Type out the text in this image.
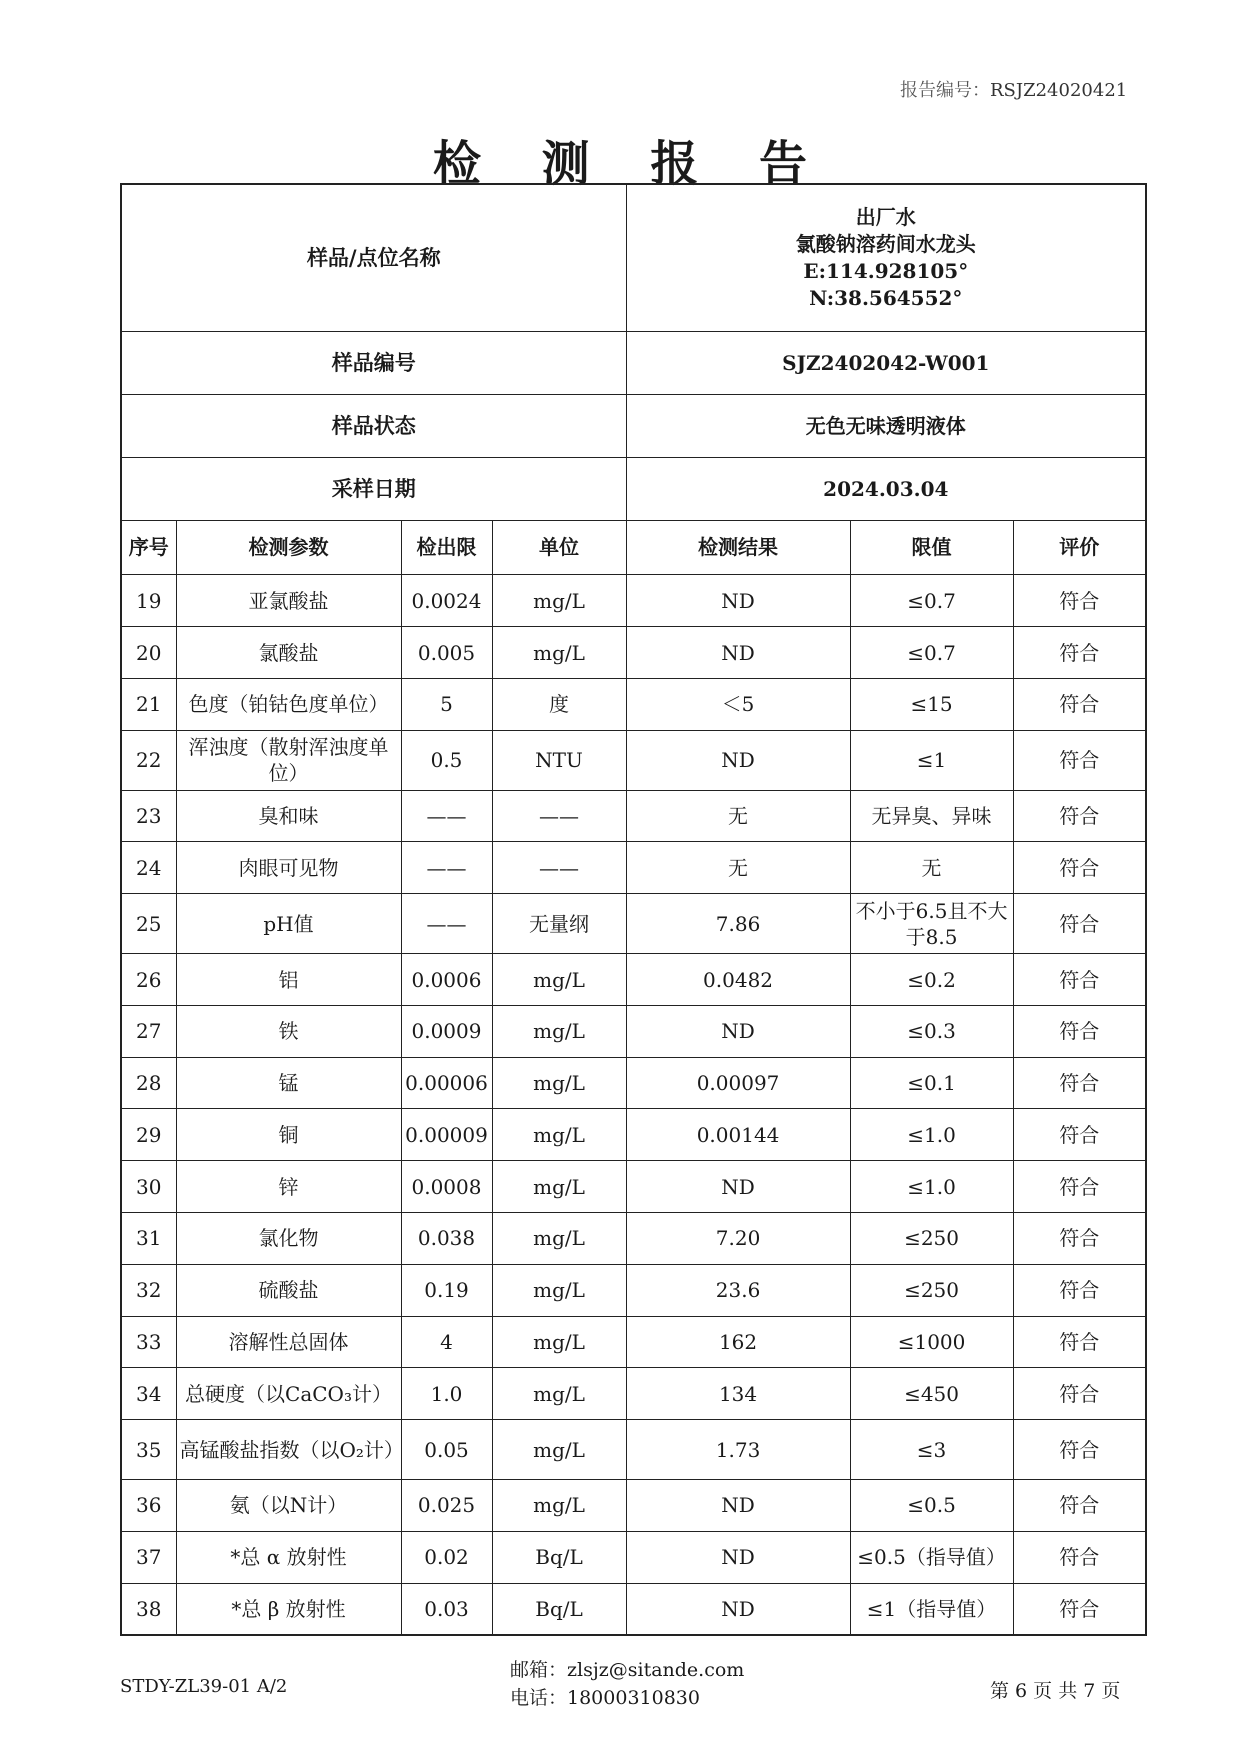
报告编号：RSJZ24020421
检 测 报 告
样品/点位名称				出厂水
氯酸钠溶药间水龙头
E:114.928105°
N:38.564552°		

样品编号				SJZ2402042-W001		
样品状态				无色无味透明液体		
采样日期				2024.03.04		
序号	检测参数	检出限	单位	检测结果	限值	评价
19	亚氯酸盐	0.0024	mg/L	ND	≤0.7	符合
20	氯酸盐	0.005	mg/L	ND	≤0.7	符合
21	色度（铂钴色度单位）	5	度	＜5	≤15	符合
22	浑浊度（散射浑浊度单位）	0.5	NTU	ND	≤1	符合
23	臭和味	——	——	无	无异臭、异味	符合
24	肉眼可见物	——	——	无	无	符合
25	pH值	——	无量纲	7.86	不小于6.5且不大于8.5	符合
26	铝	0.0006	mg/L	0.0482	≤0.2	符合
27	铁	0.0009	mg/L	ND	≤0.3	符合
28	锰	0.00006	mg/L	0.00097	≤0.1	符合
29	铜	0.00009	mg/L	0.00144	≤1.0	符合
30	锌	0.0008	mg/L	ND	≤1.0	符合
31	氯化物	0.038	mg/L	7.20	≤250	符合
32	硫酸盐	0.19	mg/L	23.6	≤250	符合
33	溶解性总固体	4	mg/L	162	≤1000	符合
34	总硬度（以CaCO₃计）	1.0	mg/L	134	≤450	符合
35	高锰酸盐指数（以O₂计）	0.05	mg/L	1.73	≤3	符合
36	氨（以N计）	0.025	mg/L	ND	≤0.5	符合
37	*总 α 放射性	0.02	Bq/L	ND	≤0.5（指导值）	符合
38	*总 β 放射性	0.03	Bq/L	ND	≤1（指导值）	符合
STDY-ZL39-01 A/2
邮箱：zlsjz@sitande.com
电话：18000310830	第 6 页 共 7 页
